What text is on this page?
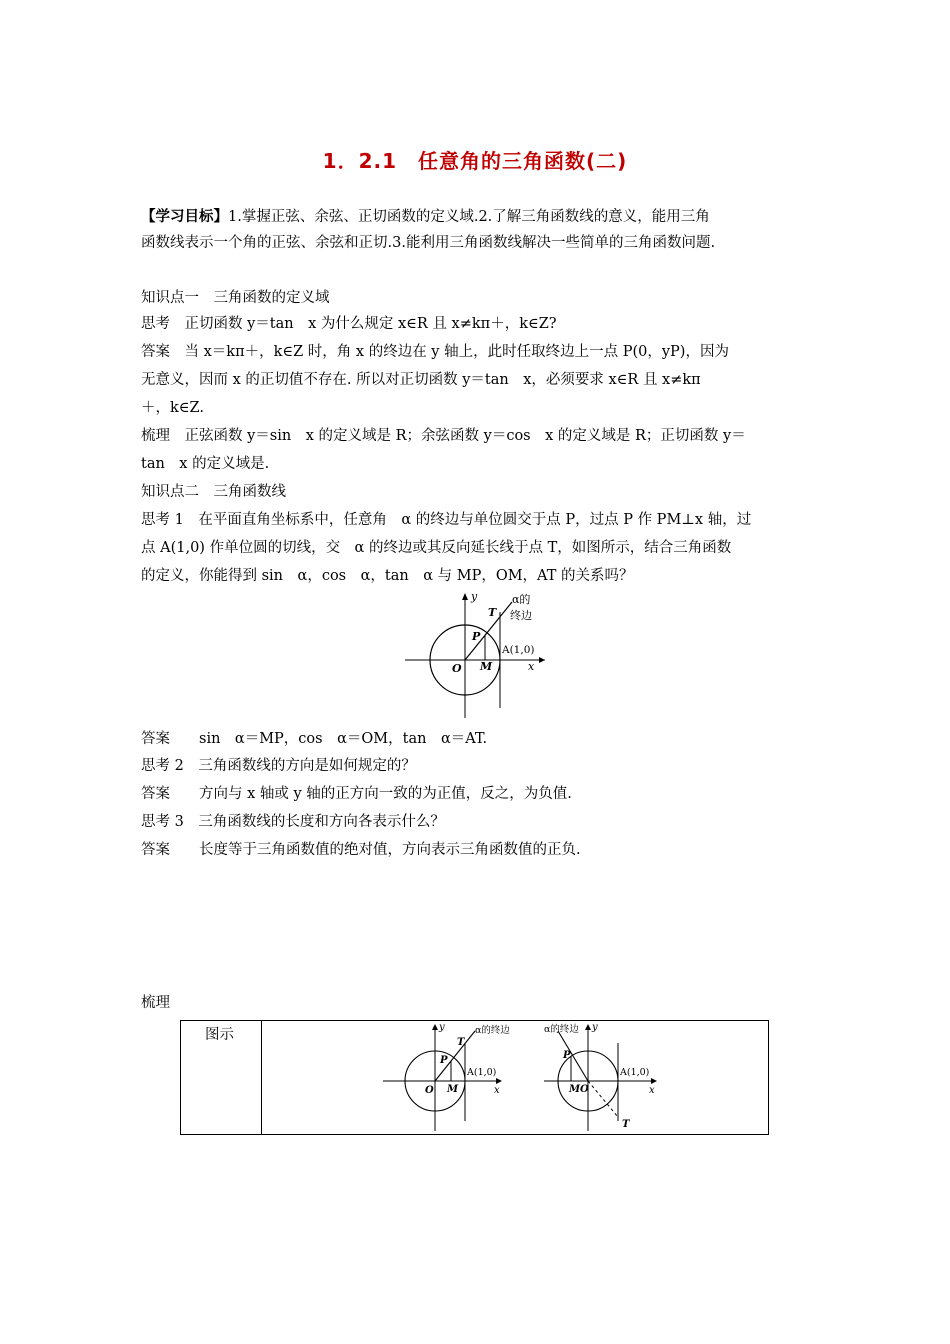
1．2.1　任意角的三角函数(二)

【学习目标】1.掌握正弦、余弦、正切函数的定义域.2.了解三角函数线的意义，能用三角

函数线表示一个角的正弦、余弦和正切.3.能利用三角函数线解决一些简单的三角函数问题.

知识点一　三角函数的定义域

思考　正切函数 y＝tan　x 为什么规定 x∈R 且 x≠kπ＋，k∈Z?

答案　当 x＝kπ＋，k∈Z 时，角 x 的终边在 y 轴上，此时任取终边上一点 P(0，yP)，因为

无意义，因而 x 的正切值不存在. 所以对正切函数 y＝tan　x，必须要求 x∈R 且 x≠kπ

＋，k∈Z.

梳理　正弦函数 y＝sin　x 的定义域是 R；余弦函数 y＝cos　x 的定义域是 R；正切函数 y＝

tan　x 的定义域是.

知识点二　三角函数线

思考 1　在平面直角坐标系中，任意角　α 的终边与单位圆交于点 P，过点 P 作 PM⊥x 轴，过

点 A(1,0) 作单位圆的切线，交　α 的终边或其反向延长线于点 T，如图所示，结合三角函数

的定义，你能得到 sin　α，cos　α，tan　α 与 MP，OM，AT 的关系吗？

y
x
O M
P
T
A(1,0)
α的
终边

答案　　sin　α＝MP，cos　α＝OM，tan　α＝AT.

思考 2　三角函数线的方向是如何规定的？

答案　　方向与 x 轴或 y 轴的正方向一致的为正值，反之，为负值.

思考 3　三角函数线的长度和方向各表示什么？

答案　　长度等于三角函数值的绝对值，方向表示三角函数值的正负.

梳理

图示	y
x
O M
P
T
A(1,0)
α的终边	y
x
M O
P
T
A(1,0)
α的终边
